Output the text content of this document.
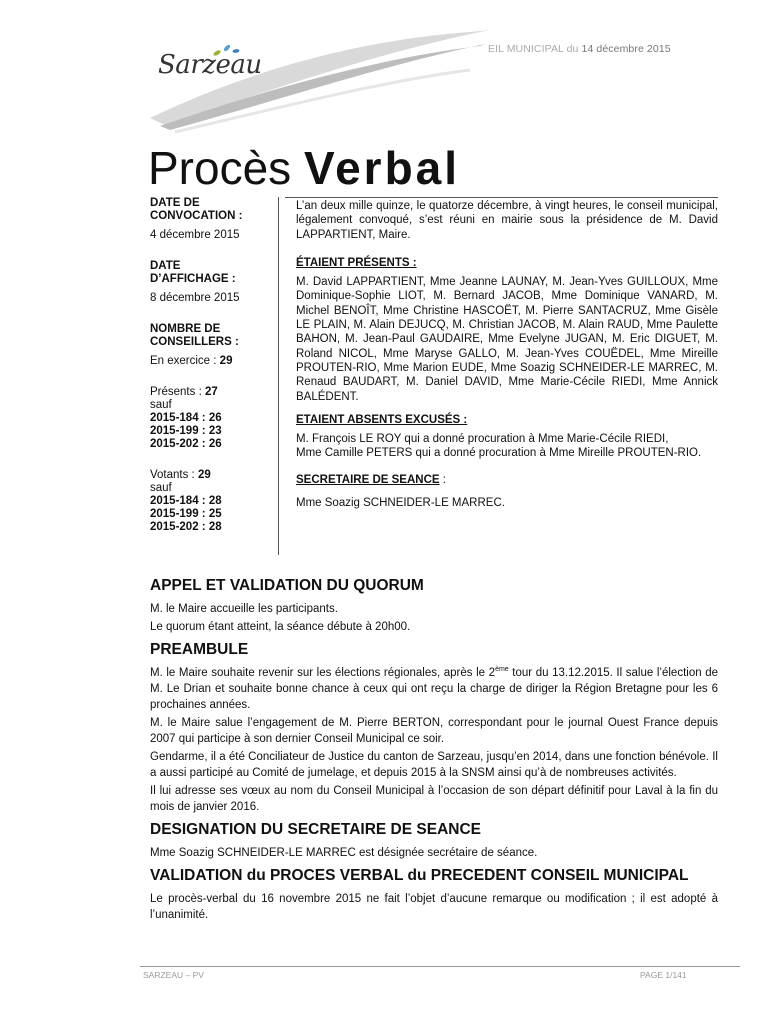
EIL MUNICIPAL du 14 décembre 2015
Sarzeau
Procès Verbal
DATE DE
CONVOCATION :
4 décembre 2015
DATE
D’AFFICHAGE :
8 décembre 2015
NOMBRE DE
CONSEILLERS :
En exercice : 29
Présents : 27
sauf
2015-184 : 26
2015-199 : 23
2015-202 : 26
Votants : 29
sauf
2015-184 : 28
2015-199 : 25
2015-202 : 28

L’an deux mille quinze, le quatorze décembre, à vingt heures, le conseil municipal, légalement convoqué, s’est réuni en mairie sous la présidence de M. David LAPPARTIENT, Maire.

ÉTAIENT PRÉSENTS :

M. David LAPPARTIENT, Mme Jeanne LAUNAY, M. Jean-Yves GUILLOUX, Mme Dominique-Sophie LIOT, M. Bernard JACOB, Mme Dominique VANARD, M. Michel BENOÎT, Mme Christine HASCOËT, M. Pierre SANTACRUZ, Mme Gisèle LE PLAIN, M. Alain DEJUCQ, M. Christian JACOB, M. Alain RAUD, Mme Paulette BAHON, M. Jean-Paul GAUDAIRE, Mme Evelyne JUGAN, M. Eric DIGUET, M. Roland NICOL, Mme Maryse GALLO, M. Jean-Yves COUËDEL, Mme Mireille PROUTEN-RIO, Mme Marion EUDE, Mme Soazig SCHNEIDER-LE MARREC, M. Renaud BAUDART, M. Daniel DAVID, Mme Marie-Cécile RIEDI, Mme Annick BALÉDENT.

ETAIENT ABSENTS EXCUSÉS :

M. François LE ROY qui a donné procuration à Mme Marie-Cécile RIEDI,

Mme Camille PETERS qui a donné procuration à Mme Mireille PROUTEN-RIO.

SECRETAIRE DE SEANCE :

Mme Soazig SCHNEIDER-LE MARREC.

APPEL ET VALIDATION DU QUORUM

M. le Maire accueille les participants.

Le quorum étant atteint, la séance débute à 20h00.

PREAMBULE

M. le Maire souhaite revenir sur les élections régionales, après le 2ème tour du 13.12.2015. Il salue l’élection de M. Le Drian et souhaite bonne chance à ceux qui ont reçu la charge de diriger la Région Bretagne pour les 6 prochaines années.

M. le Maire salue l’engagement de M. Pierre BERTON, correspondant pour le journal Ouest France depuis 2007 qui participe à son dernier Conseil Municipal ce soir.

Gendarme, il a été Conciliateur de Justice du canton de Sarzeau, jusqu’en 2014, dans une fonction bénévole. Il a aussi participé au Comité de jumelage, et depuis 2015 à la SNSM ainsi qu’à de nombreuses activités.

Il lui adresse ses vœux au nom du Conseil Municipal à l’occasion de son départ définitif pour Laval à la fin du mois de janvier 2016.

DESIGNATION DU SECRETAIRE DE SEANCE

Mme Soazig SCHNEIDER-LE MARREC est désignée secrétaire de séance.

VALIDATION du PROCES VERBAL du PRECEDENT CONSEIL MUNICIPAL

Le procès-verbal du 16 novembre 2015 ne fait l’objet d’aucune remarque ou modification ; il est adopté à l’unanimité.

SARZEAU – PV	PAGE 1/141
